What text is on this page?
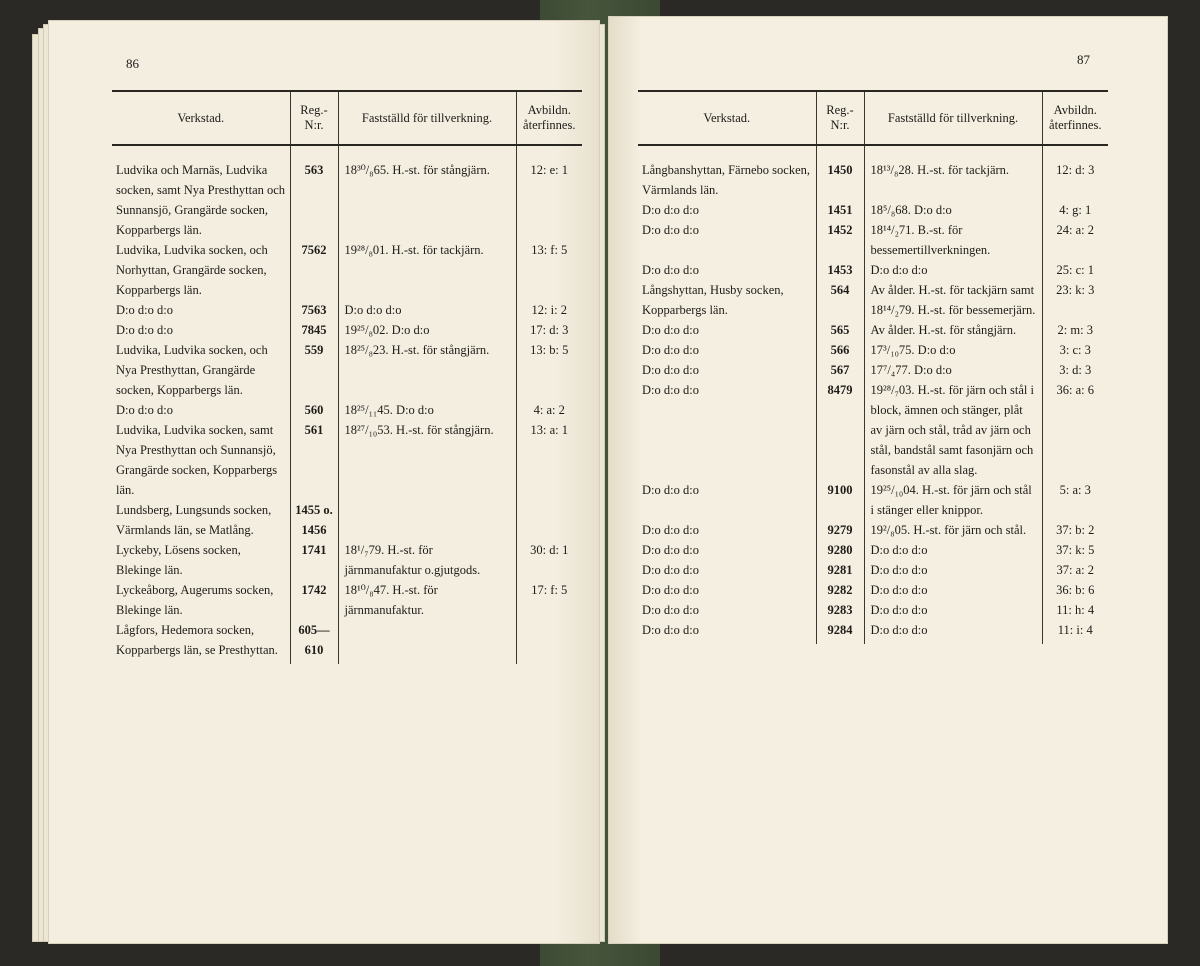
86
Verkstad.	Reg.-N:r.	Fastställd för tillverkning.	Avbildn. återfinnes.
Ludvika och Marnäs, Ludvika socken, samt Nya Presthyttan och Sunnansjö, Grangärde socken, Kopparbergs län.	563	18³⁰/₈65. H.-st. för stångjärn.	12: e: 1
Ludvika, Ludvika socken, och Norhyttan, Grangärde socken, Kopparbergs län.	7562	19²⁸/₈01. H.-st. för tackjärn.	13: f: 5
D:o d:o d:o	7563	D:o d:o d:o	12: i: 2
D:o d:o d:o	7845	19²⁵/₈02. D:o d:o	17: d: 3
Ludvika, Ludvika socken, och Nya Presthyttan, Grangärde socken, Kopparbergs län.	559	18²⁵/₈23. H.-st. för stångjärn.	13: b: 5
D:o d:o d:o	560	18²⁵/₁₁45. D:o d:o	4: a: 2
Ludvika, Ludvika socken, samt Nya Presthyttan och Sunnansjö, Grangärde socken, Kopparbergs län.	561	18²⁷/₁₀53. H.-st. för stångjärn.	13: a: 1
Lundsberg, Lungsunds socken, Värmlands län, se Matlång.	1455 o. 1456		
Lyckeby, Lösens socken, Blekinge län.	1741	18¹/₇79. H.-st. för järnmanufaktur o.gjutgods.	30: d: 1
Lyckeåborg, Augerums socken, Blekinge län.	1742	18¹⁰/₈47. H.-st. för järnmanufaktur.	17: f: 5
Lågfors, Hedemora socken, Kopparbergs län, se Presthyttan.	605—610		
87
Verkstad.	Reg.-N:r.	Fastställd för tillverkning.	Avbildn. återfinnes.
Långbanshyttan, Färnebo socken, Värmlands län.	1450	18¹³/₈28. H.-st. för tackjärn.	12: d: 3
D:o d:o d:o	1451	18⁵/₈68. D:o d:o	4: g: 1
D:o d:o d:o	1452	18¹⁴/₂71. B.-st. för bessemertillverkningen.	24: a: 2
D:o d:o d:o	1453	D:o d:o d:o	25: c: 1
Långshyttan, Husby socken, Kopparbergs län.	564	Av ålder. H.-st. för tackjärn samt 18¹⁴/₂79. H.-st. för bessemerjärn.	23: k: 3
D:o d:o d:o	565	Av ålder. H.-st. för stångjärn.	2: m: 3
D:o d:o d:o	566	17³/₁₀75. D:o d:o	3: c: 3
D:o d:o d:o	567	17⁷/₄77. D:o d:o	3: d: 3
D:o d:o d:o	8479	19²⁸/₇03. H.-st. för järn och stål i block, ämnen och stänger, plåt av järn och stål, tråd av järn och stål, bandstål samt fasonjärn och fasonstål av alla slag.	36: a: 6
D:o d:o d:o	9100	19²⁵/₁₀04. H.-st. för järn och stål i stänger eller knippor.	5: a: 3
D:o d:o d:o	9279	19²/₈05. H.-st. för järn och stål.	37: b: 2
D:o d:o d:o	9280	D:o d:o d:o	37: k: 5
D:o d:o d:o	9281	D:o d:o d:o	37: a: 2
D:o d:o d:o	9282	D:o d:o d:o	36: b: 6
D:o d:o d:o	9283	D:o d:o d:o	11: h: 4
D:o d:o d:o	9284	D:o d:o d:o	11: i: 4
